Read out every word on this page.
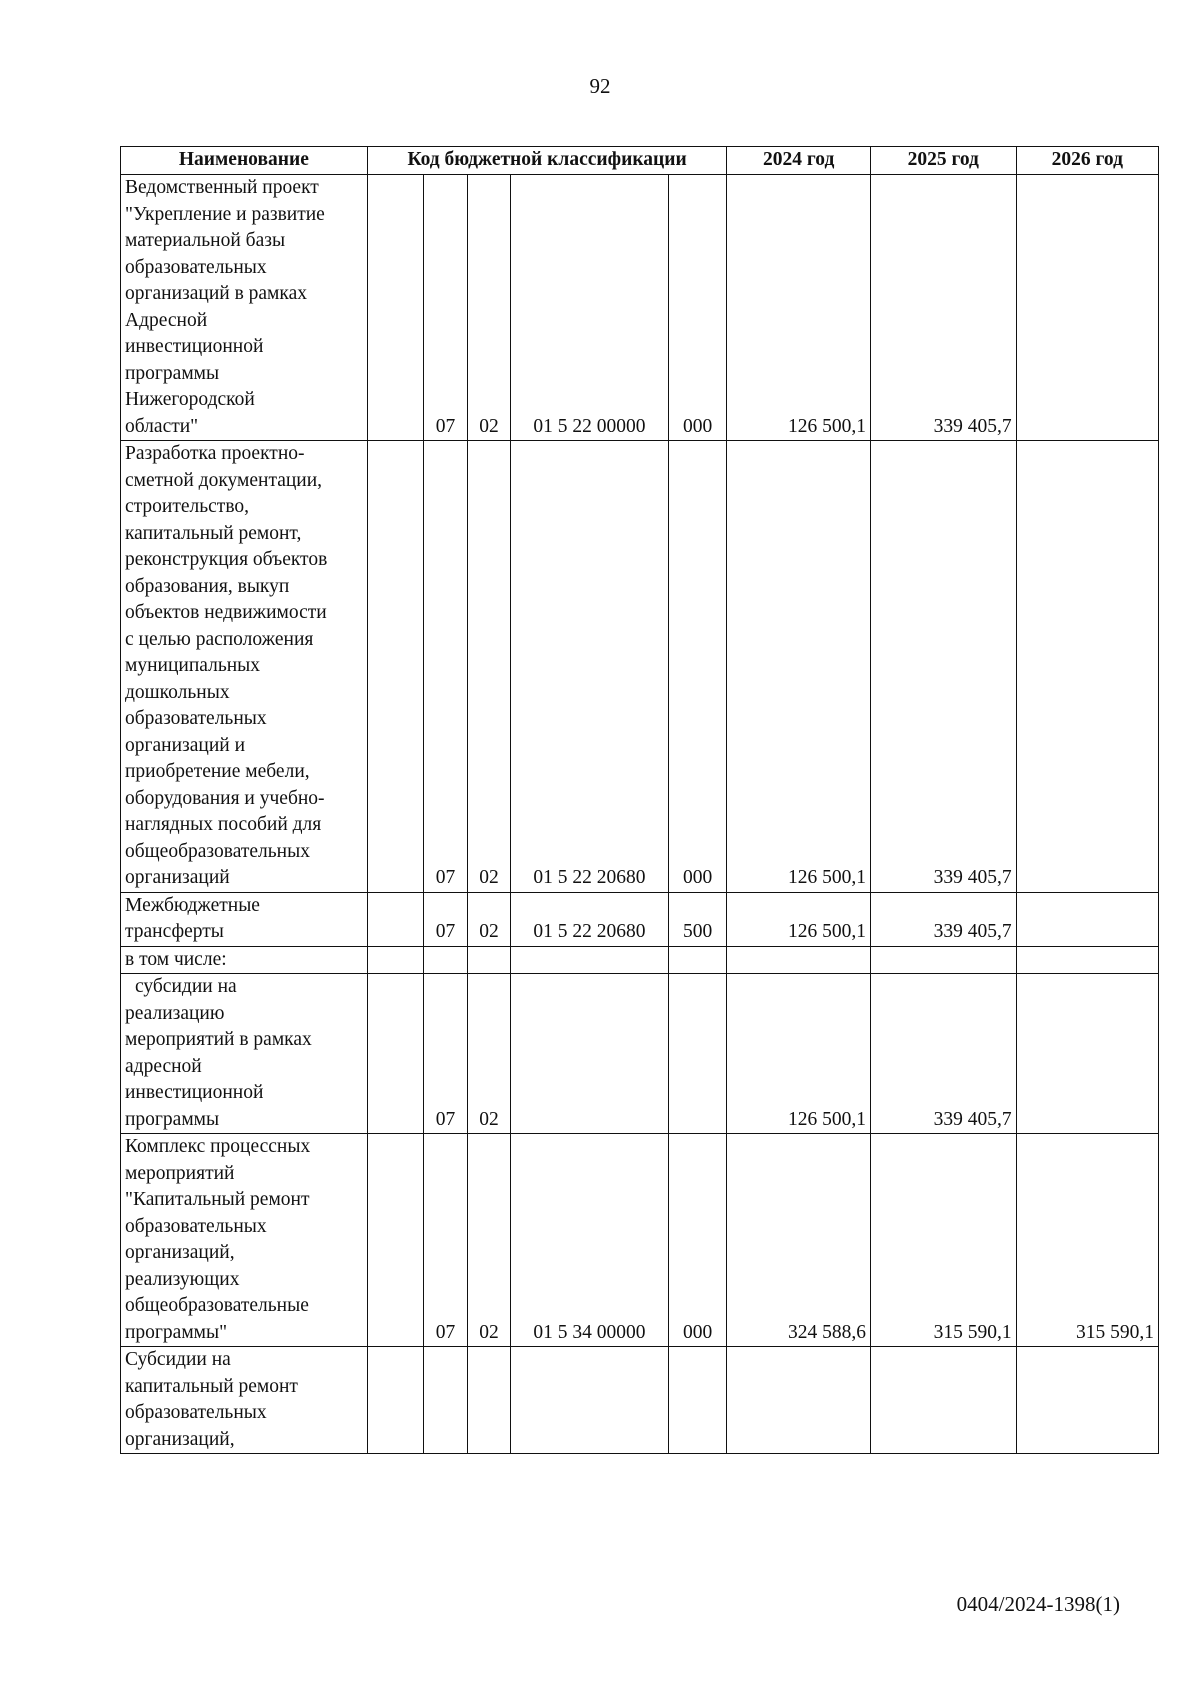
92
Наименование	Код бюджетной классификации					2024 год	2025 год	2026 год

Ведомственный проект "Укрепление и развитие материальной базы образовательных организаций в рамках Адресной инвестиционной программы Нижегородской области"		07	02	01 5 22 00000	000	126 500,1	339 405,7	

Разработка проектно-сметной документации, строительство, капитальный ремонт, реконструкция объектов образования, выкуп объектов недвижимости с целью расположения муниципальных дошкольных образовательных организаций и приобретение мебели, оборудования и учебно-наглядных пособий для общеобразовательных организаций		07	02	01 5 22 20680	000	126 500,1	339 405,7	

Межбюджетные трансферты		07	02	01 5 22 20680	500	126 500,1	339 405,7	

в том числе:								

субсидии на реализацию мероприятий в рамках адресной инвестиционной программы		07	02			126 500,1	339 405,7	

Комплекс процессных мероприятий "Капитальный ремонт образовательных организаций, реализующих общеобразовательные программы"		07	02	01 5 34 00000	000	324 588,6	315 590,1	315 590,1

Субсидии на капитальный ремонт образовательных организаций,								

0404/2024-1398(1)
